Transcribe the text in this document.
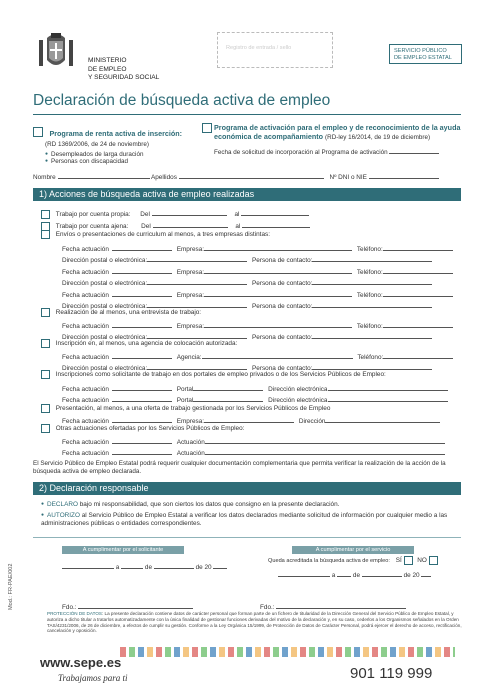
MINISTERIO
DE EMPLEO
Y SEGURIDAD SOCIAL
Registro de entrada / sello	SERVICIO PÚBLICO
DE EMPLEO ESTATAL
Declaración de búsqueda activa de empleo
Programa de renta activa de inserción:
(RD 1369/2006, de 24 de noviembre)
● Desempleados de larga duración
● Personas con discapacidad
Programa de activación para el empleo y de reconocimiento de la ayuda económica de acompañamiento (RD-ley 16/2014, de 19 de diciembre)
Fecha de solicitud de incorporación al Programa de activación
Nombre	Apellidos	Nº DNI o NIE
1) Acciones de búsqueda activa de empleo realizadas
Trabajo por cuenta propia: Del	al
Trabajo por cuenta ajena: Del	al
Envíos o presentaciones de curriculum al menos, a tres empresas distintas:
Fecha actuación	Empresa:	Teléfono:
Dirección postal o electrónica:	Persona de contacto:
Fecha actuación	Empresa:	Teléfono:
Dirección postal o electrónica:	Persona de contacto:
Fecha actuación	Empresa:	Teléfono:
Dirección postal o electrónica:	Persona de contacto:
Realización de al menos, una entrevista de trabajo:
Fecha actuación	Empresa:	Teléfono:
Dirección postal o electrónica:	Persona de contacto:
Inscripción en, al menos, una agencia de colocación autorizada:
Fecha actuación	Agencia:	Teléfono:
Dirección postal o electrónica:	Persona de contacto:
Inscripciones como solicitante de trabajo en dos portales de empleo privados o de los Servicios Públicos de Empleo:
Fecha actuación	Portal	Dirección electrónica
Fecha actuación	Portal	Dirección electrónica
Presentación, al menos, a una oferta de trabajo gestionada por los Servicios Públicos de Empleo
Fecha actuación	Empresa:	Dirección
Otras actuaciones ofertadas por los Servicios Públicos de Empleo:
Fecha actuación	Actuación
Fecha actuación	Actuación
El Servicio Público de Empleo Estatal podrá requerir cualquier documentación complementaria que permita verificar la realización de la acción de la búsqueda activa de empleo declarada.
2) Declaración responsable
● DECLARO bajo mi responsabilidad, que son ciertos los datos que consigno en la presente declaración.
● AUTORIZO al Servicio Público de Empleo Estatal a verificar los datos declarados mediante solicitud de información por cualquier medio a las administraciones públicas o entidades correspondientes.
A cumplimentar por el solicitante	A cumplimentar por el servicio
a	de	de 20
Queda acreditada la búsqueda activa de empleo: SÍ NO
a	de	de 20
Fdo.:	Fdo.:
PROTECCIÓN DE DATOS: La presente declaración contiene datos de carácter personal que forman parte de un fichero de titularidad de la Dirección General del Servicio Público de Empleo Estatal, y autoriza a dicho titular a tratarlos automatizadamente con la única finalidad de gestionar funciones derivadas del motivo de la declaración y, en su caso, cederlos a los Organismos señalados en la Orden TAS/4231/2006, de 26 de diciembre, a efectos de cumplir su gestión. Conforme a la Ley Orgánica 15/1999, de Protección de Datos de Carácter Personal, podrá ejercer el derecho de acceso, rectificación, cancelación y oposición.
Mod.: FR-PAE/002
www.sepe.es
Trabajamos para ti	901 119 999
